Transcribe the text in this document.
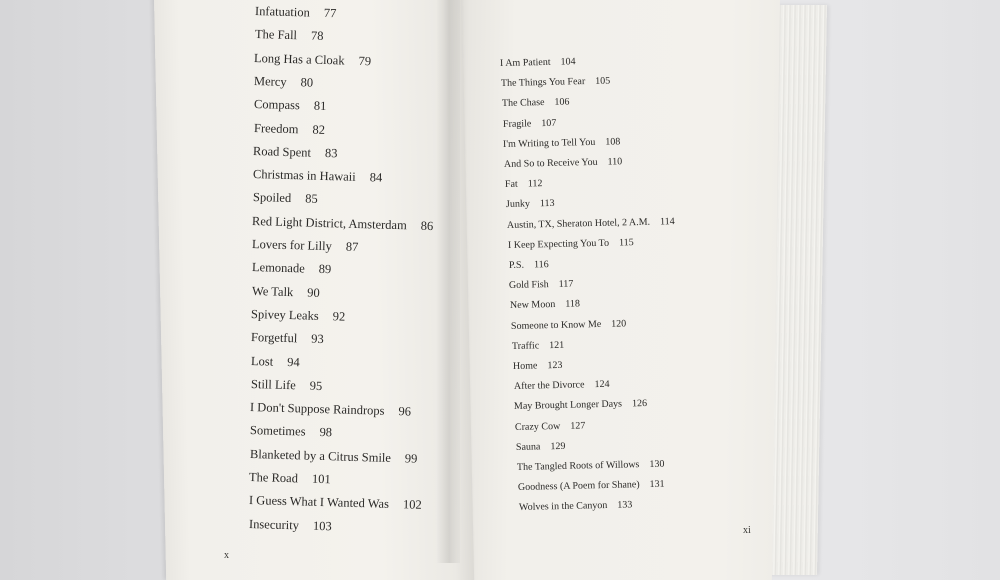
Infatuation 77
The Fall 78
Long Has a Cloak 79
Mercy 80
Compass 81
Freedom 82
Road Spent 83
Christmas in Hawaii 84
Spoiled 85
Red Light District, Amsterdam 86
Lovers for Lilly 87
Lemonade 89
We Talk 90
Spivey Leaks 92
Forgetful 93
Lost 94
Still Life 95
I Don't Suppose Raindrops 96
Sometimes 98
Blanketed by a Citrus Smile 99
The Road 101
I Guess What I Wanted Was 102
Insecurity 103
I Am Patient 104
The Things You Fear 105
The Chase 106
Fragile 107
I'm Writing to Tell You 108
And So to Receive You 110
Fat 112
Junky 113
Austin, TX, Sheraton Hotel, 2 A.M. 114
I Keep Expecting You To 115
P.S. 116
Gold Fish 117
New Moon 118
Someone to Know Me 120
Traffic 121
Home 123
After the Divorce 124
May Brought Longer Days 126
Crazy Cow 127
Sauna 129
The Tangled Roots of Willows 130
Goodness (A Poem for Shane) 131
Wolves in the Canyon 133
x
xi
